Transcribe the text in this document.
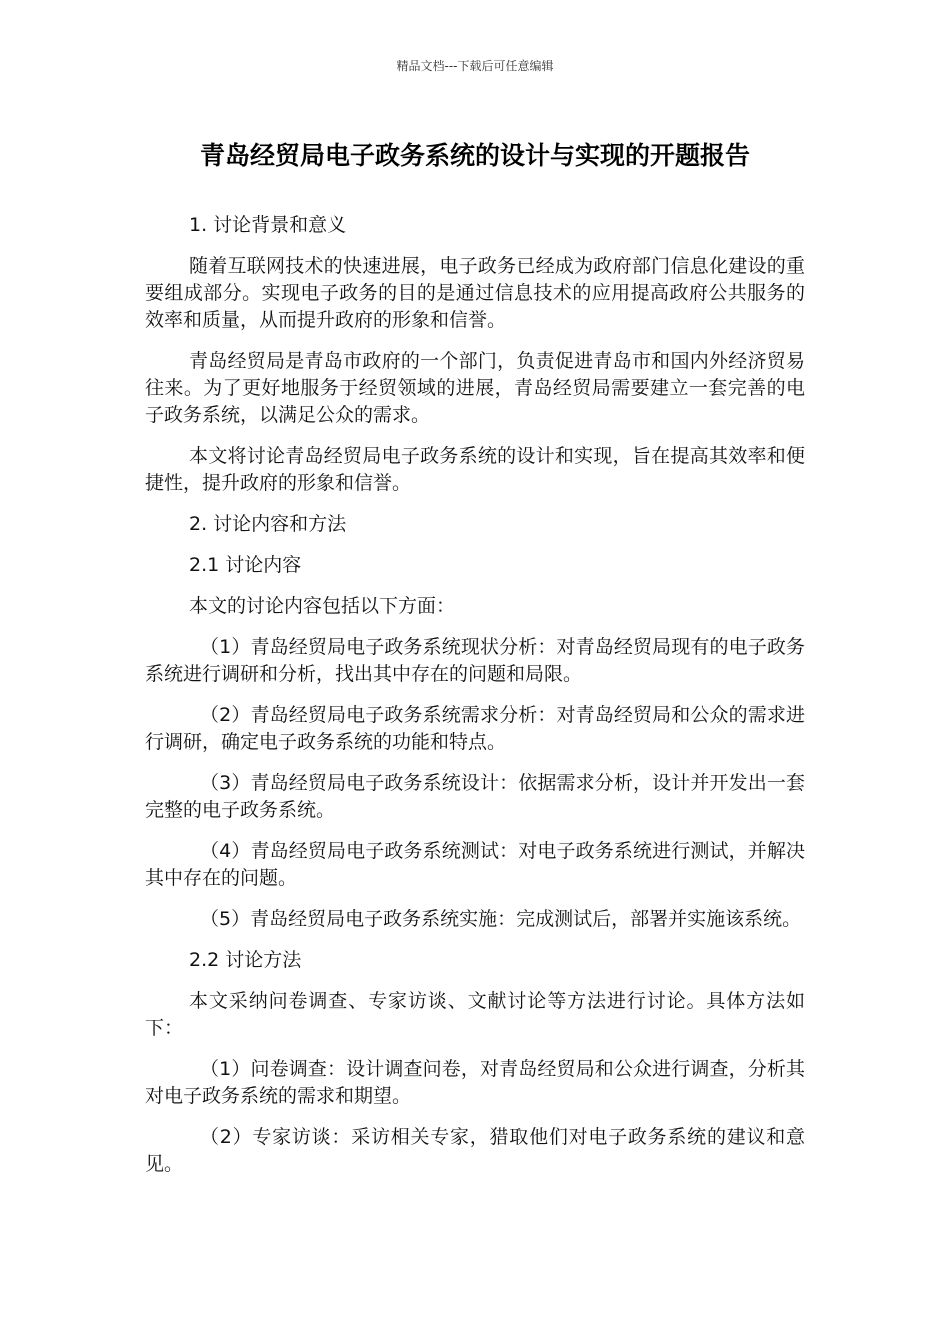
精品文档---下载后可任意编辑
青岛经贸局电子政务系统的设计与实现的开题报告
1. 讨论背景和意义
随着互联网技术的快速进展，电子政务已经成为政府部门信息化建设的重要组成部分。实现电子政务的目的是通过信息技术的应用提高政府公共服务的效率和质量，从而提升政府的形象和信誉。
青岛经贸局是青岛市政府的一个部门，负责促进青岛市和国内外经济贸易往来。为了更好地服务于经贸领域的进展，青岛经贸局需要建立一套完善的电子政务系统，以满足公众的需求。
本文将讨论青岛经贸局电子政务系统的设计和实现，旨在提高其效率和便捷性，提升政府的形象和信誉。
2. 讨论内容和方法
2.1 讨论内容
本文的讨论内容包括以下方面：
（1）青岛经贸局电子政务系统现状分析：对青岛经贸局现有的电子政务系统进行调研和分析，找出其中存在的问题和局限。
（2）青岛经贸局电子政务系统需求分析：对青岛经贸局和公众的需求进行调研，确定电子政务系统的功能和特点。
（3）青岛经贸局电子政务系统设计：依据需求分析，设计并开发出一套完整的电子政务系统。
（4）青岛经贸局电子政务系统测试：对电子政务系统进行测试，并解决其中存在的问题。
（5）青岛经贸局电子政务系统实施：完成测试后，部署并实施该系统。
2.2 讨论方法
本文采纳问卷调查、专家访谈、文献讨论等方法进行讨论。具体方法如下：
（1）问卷调查：设计调查问卷，对青岛经贸局和公众进行调查，分析其对电子政务系统的需求和期望。
（2）专家访谈：采访相关专家，猎取他们对电子政务系统的建议和意见。
